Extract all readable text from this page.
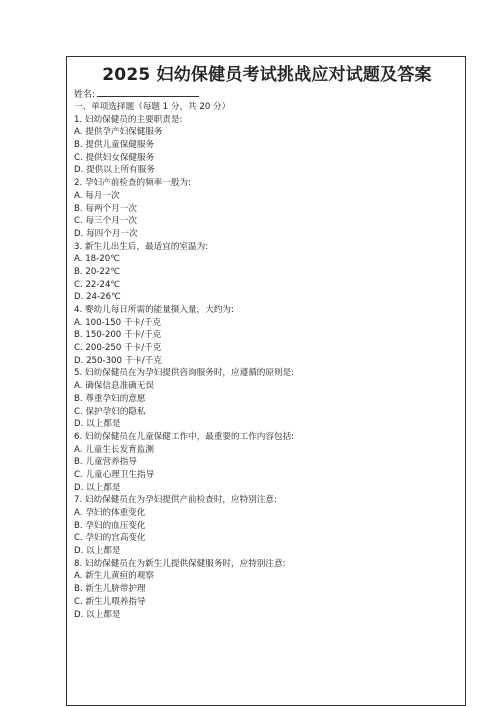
2025 妇幼保健员考试挑战应对试题及答案
姓名:
一、单项选择题（每题 1 分，共 20 分）
1. 妇幼保健员的主要职责是:
A. 提供孕产妇保健服务
B. 提供儿童保健服务
C. 提供妇女保健服务
D. 提供以上所有服务
2. 孕妇产前检查的频率一般为:
A. 每月一次
B. 每两个月一次
C. 每三个月一次
D. 每四个月一次
3. 新生儿出生后，最适宜的室温为:
A. 18-20℃
B. 20-22℃
C. 22-24℃
D. 24-26℃
4. 婴幼儿每日所需的能量摄入量，大约为:
A. 100-150 千卡/千克
B. 150-200 千卡/千克
C. 200-250 千卡/千克
D. 250-300 千卡/千克
5. 妇幼保健员在为孕妇提供咨询服务时，应遵循的原则是:
A. 确保信息准确无误
B. 尊重孕妇的意愿
C. 保护孕妇的隐私
D. 以上都是
6. 妇幼保健员在儿童保健工作中，最重要的工作内容包括:
A. 儿童生长发育监测
B. 儿童营养指导
C. 儿童心理卫生指导
D. 以上都是
7. 妇幼保健员在为孕妇提供产前检查时，应特别注意:
A. 孕妇的体重变化
B. 孕妇的血压变化
C. 孕妇的宫高变化
D. 以上都是
8. 妇幼保健员在为新生儿提供保健服务时，应特别注意:
A. 新生儿黄疸的观察
B. 新生儿脐带护理
C. 新生儿喂养指导
D. 以上都是
